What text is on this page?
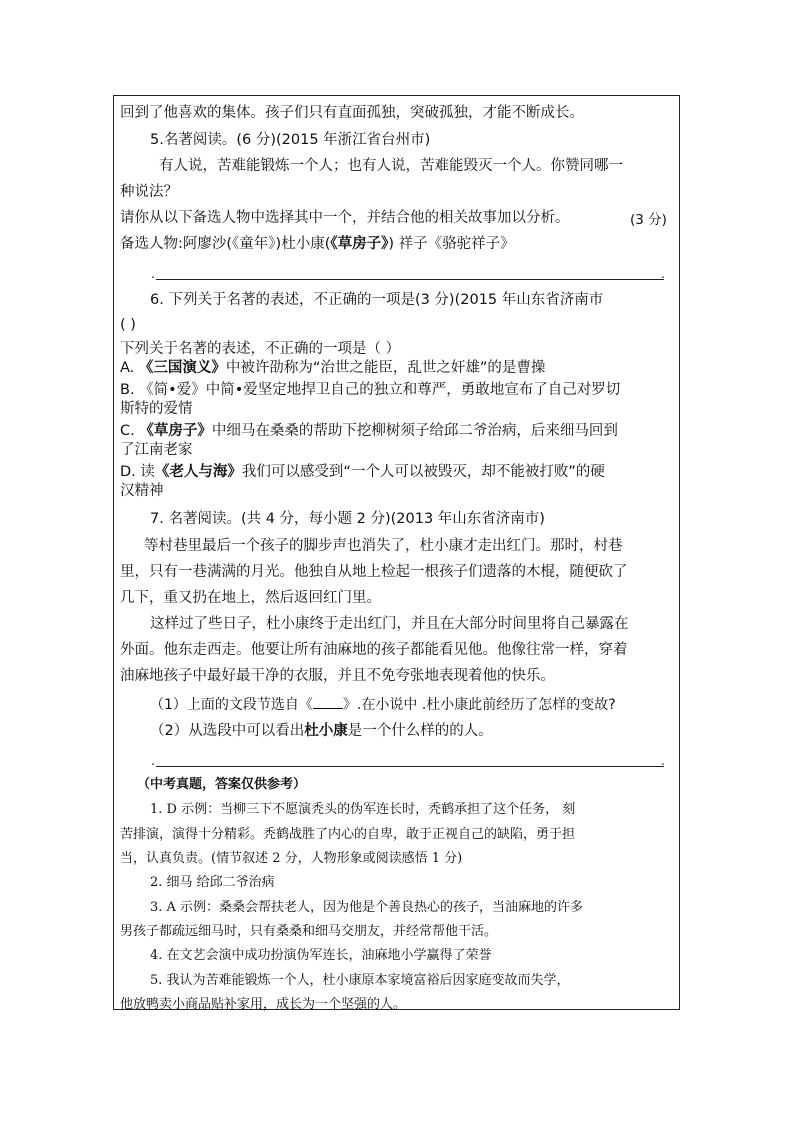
回到了他喜欢的集体。孩子们只有直面孤独，突破孤独，才能不断成长。
5.名著阅读。(6 分)(2015 年浙江省台州市)
有人说，苦难能锻炼一个人；也有人说，苦难能毁灭一个人。你赞同哪一
种说法？
请你从以下备选人物中选择其中一个，并结合他的相关故事加以分析。	(3 分)
备选人物:阿廖沙(《童年》)杜小康(《草房子》) 祥子《骆驼祥子》
.	.
6. 下列关于名著的表述，不正确的一项是(3 分)(2015 年山东省济南市
( )
下列关于名著的表述，不正确的一项是（ ）
A. 《三国演义》中被许劭称为“治世之能臣，乱世之奸雄”的是曹操
B. 《简•爱》中简•爱坚定地捍卫自己的独立和尊严，勇敢地宣布了自己对罗切
斯特的爱情
C. 《草房子》中细马在桑桑的帮助下挖柳树须子给邱二爷治病，后来细马回到
了江南老家
D. 读《老人与海》我们可以感受到“一个人可以被毁灭，却不能被打败”的硬
汉精神
7. 名著阅读。(共 4 分，每小题 2 分)(2013 年山东省济南市)
等村巷里最后一个孩子的脚步声也消失了，杜小康才走出红门。那时，村巷
里，只有一巷满满的月光。他独自从地上检起一根孩子们遗落的木棍，随便砍了
几下，重又扔在地上，然后返回红门里。
这样过了些日子，杜小康终于走出红门，并且在大部分时间里将自己暴露在
外面。他东走西走。他要让所有油麻地的孩子都能看见他。他像往常一样，穿着
油麻地孩子中最好最干净的衣服，并且不免夸张地表现着他的快乐。
（1）上面的文段节选自《 》.在小说中 .杜小康此前经历了怎样的变故?
（2）从选段中可以看出杜小康是一个什么样的的人。
.	.
（中考真题，答案仅供参考）
1. D 示例：当柳三下不愿演秃头的伪军连长时，秃鹤承担了这个任务， 刻
苦排演，演得十分精彩。秃鹤战胜了内心的自卑，敢于正视自己的缺陷，勇于担
当，认真负责。(情节叙述 2 分，人物形象或阅读感悟 1 分)
2. 细马 给邱二爷治病
3. A 示例：桑桑会帮扶老人，因为他是个善良热心的孩子，当油麻地的许多
男孩子都疏远细马时，只有桑桑和细马交朋友，并经常帮他干活。
4. 在文艺会演中成功扮演伪军连长，油麻地小学赢得了荣誉
5. 我认为苦难能锻炼一个人，杜小康原本家境富裕后因家庭变故而失学，
他放鸭卖小商品贴补家用，成长为一个坚强的人。
